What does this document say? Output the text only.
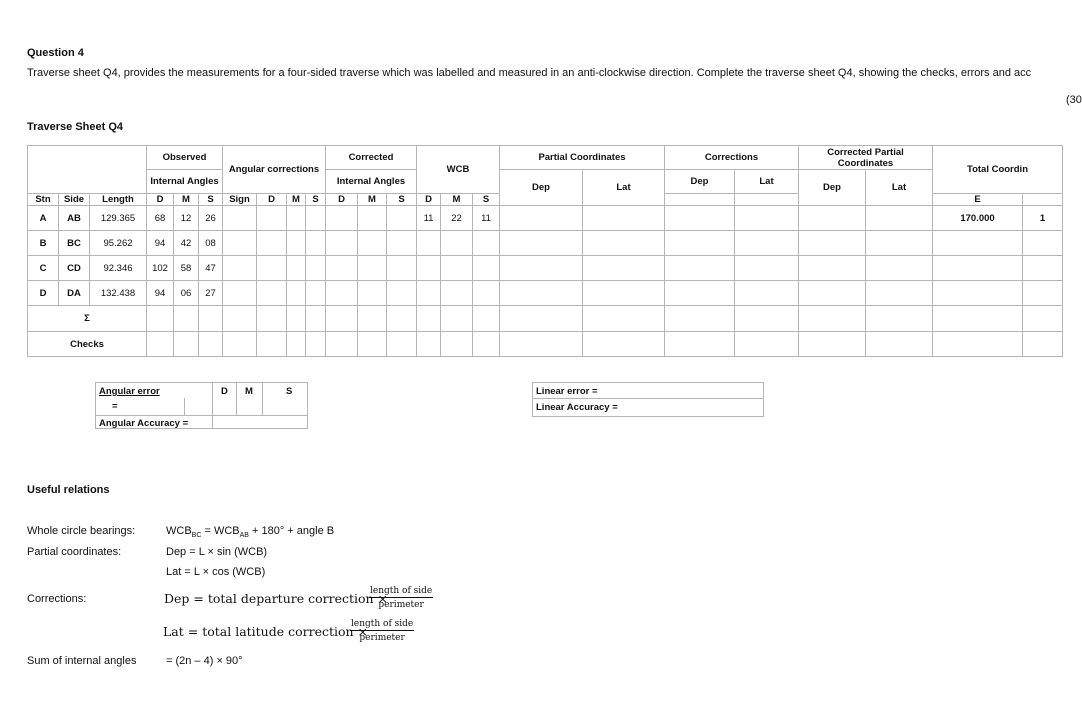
Question 4
Traverse sheet Q4, provides the measurements for a four-sided traverse which was labelled and measured in an anti-clockwise direction. Complete the traverse sheet Q4, showing the checks, errors and acc
(30
Traverse Sheet Q4
			Observed			Angular corrections				Corrected			WCB			Partial Coordinates		Corrections		Corrected Partial Coordinates		Total Coordin	
			Internal Angles							Internal Angles						Dep	Lat	Dep	Lat	Dep	Lat		
Stn	Side	Length	D	M	S	Sign	D	M	S	D	M	S	D	M	S							E	
A	AB	129.365	68	12	26								11	22	11							170.000	1
B	BC	95.262	94	42	08																		
C	CD	92.346	102	58	47																		
D	DA	132.438	94	06	27																		
Σ																							
Checks																							
Angular error
=
D M	S
Angular Accuracy =
Linear error =
Linear Accuracy =
Useful relations
Whole circle bearings:	$WCB_{BC} = WCB_{AB} + 180^\circ$ + angle B
Partial coordinates:	Dep = L × sin (WCB)
Lat = L × cos (WCB)
Corrections:	Dep = total departure correction ×
length of side
perimeter
Lat = total latitude correction ×
length of side
perimeter
Sum of internal angles	= (2n – 4) × 90°
